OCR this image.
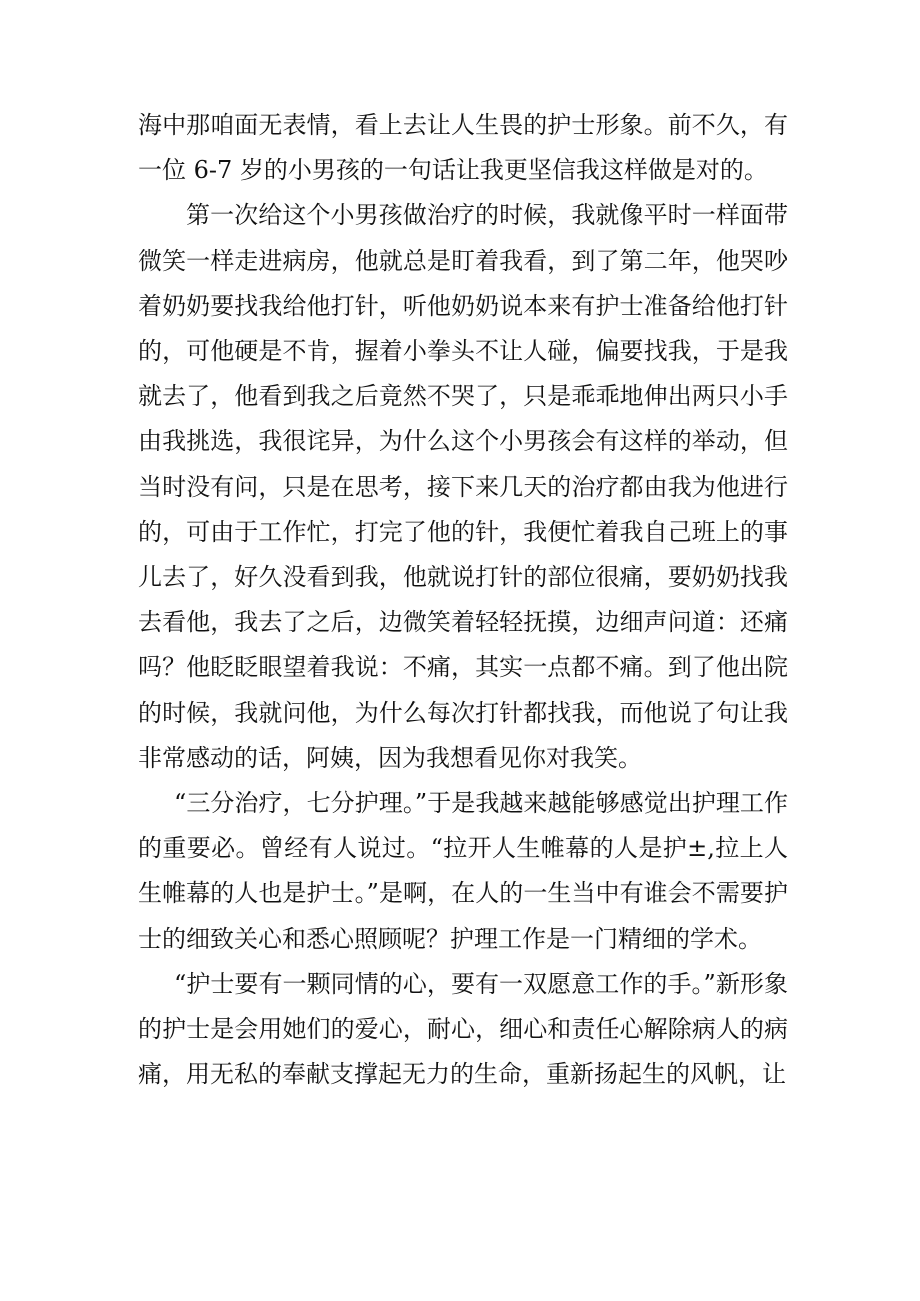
海中那咱面无表情，看上去让人生畏的护士形象。前不久，有一位 6-7 岁的小男孩的一句话让我更坚信我这样做是对的。

第一次给这个小男孩做治疗的时候，我就像平时一样面带微笑一样走进病房，他就总是盯着我看，到了第二年，他哭吵着奶奶要找我给他打针，听他奶奶说本来有护士准备给他打针的，可他硬是不肯，握着小拳头不让人碰，偏要找我，于是我就去了，他看到我之后竟然不哭了，只是乖乖地伸出两只小手由我挑选，我很诧异，为什么这个小男孩会有这样的举动，但当时没有问，只是在思考，接下来几天的治疗都由我为他进行的，可由于工作忙，打完了他的针，我便忙着我自己班上的事儿去了，好久没看到我，他就说打针的部位很痛，要奶奶找我去看他，我去了之后，边微笑着轻轻抚摸，边细声问道：还痛吗？他眨眨眼望着我说：不痛，其实一点都不痛。到了他出院的时候，我就问他，为什么每次打针都找我，而他说了句让我非常感动的话，阿姨，因为我想看见你对我笑。

“三分治疗，七分护理。”于是我越来越能够感觉出护理工作的重要必。曾经有人说过。“拉开人生帷幕的人是护±,拉上人生帷幕的人也是护士。”是啊，在人的一生当中有谁会不需要护士的细致关心和悉心照顾呢？护理工作是一门精细的学术。

“护士要有一颗同情的心，要有一双愿意工作的手。”新形象的护士是会用她们的爱心，耐心，细心和责任心解除病人的病痛，用无私的奉献支撑起无力的生命，重新扬起生的风帆，让
